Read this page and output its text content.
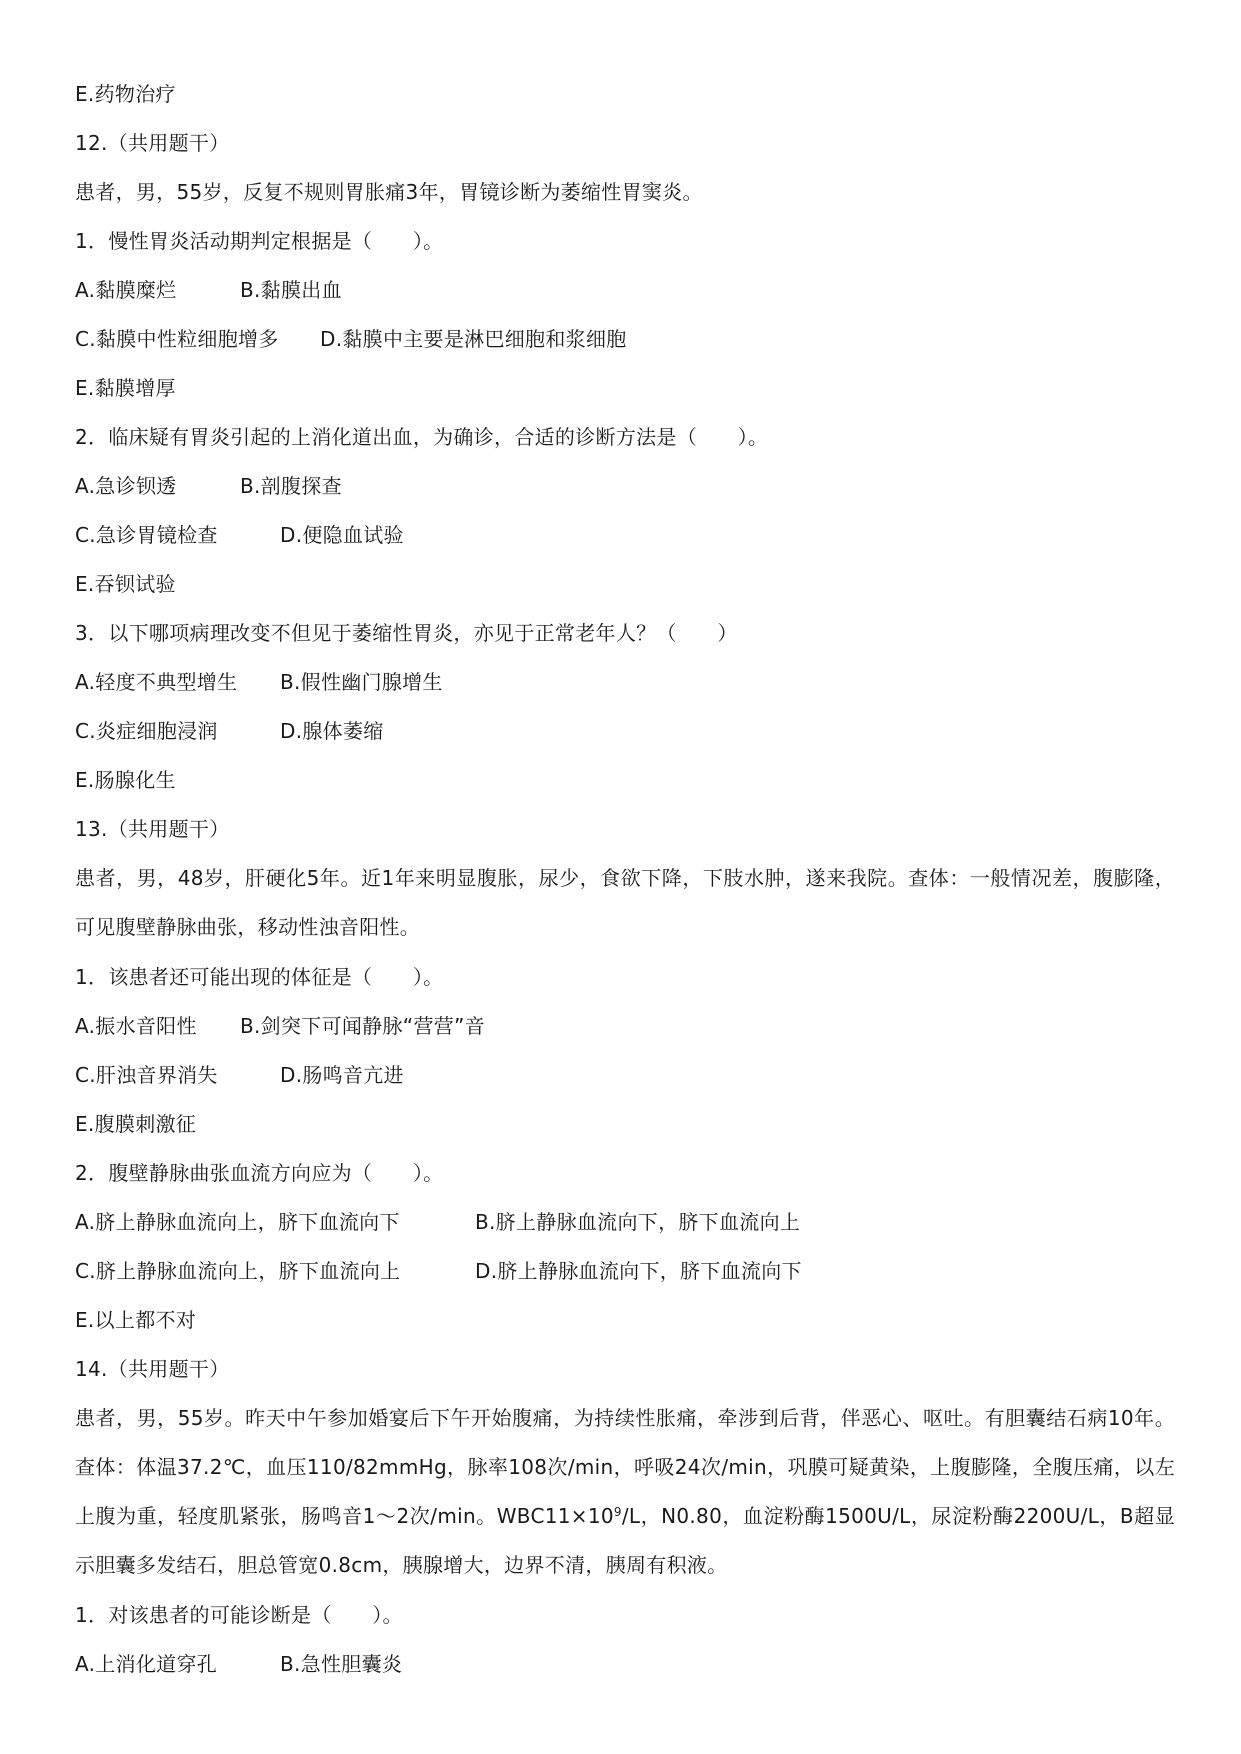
E.药物治疗
12.（共用题干）
患者，男，55岁，反复不规则胃胀痛3年，胃镜诊断为萎缩性胃窦炎。
1．慢性胃炎活动期判定根据是（　　）。
A.黏膜糜烂	B.黏膜出血
C.黏膜中性粒细胞增多	D.黏膜中主要是淋巴细胞和浆细胞
E.黏膜增厚
2．临床疑有胃炎引起的上消化道出血，为确诊，合适的诊断方法是（　　）。
A.急诊钡透	B.剖腹探查
C.急诊胃镜检查	D.便隐血试验
E.吞钡试验
3．以下哪项病理改变不但见于萎缩性胃炎，亦见于正常老年人？（　　）
A.轻度不典型增生	B.假性幽门腺增生
C.炎症细胞浸润	D.腺体萎缩
E.肠腺化生
13.（共用题干）
患者，男，48岁，肝硬化5年。近1年来明显腹胀，尿少，食欲下降，下肢水肿，遂来我院。查体：一般情况差，腹膨隆，可见腹壁静脉曲张，移动性浊音阳性。
1．该患者还可能出现的体征是（　　）。
A.振水音阳性	B.剑突下可闻静脉“营营”音
C.肝浊音界消失	D.肠鸣音亢进
E.腹膜刺激征
2．腹壁静脉曲张血流方向应为（　　）。
A.脐上静脉血流向上，脐下血流向下	B.脐上静脉血流向下，脐下血流向上
C.脐上静脉血流向上，脐下血流向上	D.脐上静脉血流向下，脐下血流向下
E.以上都不对
14.（共用题干）
患者，男，55岁。昨天中午参加婚宴后下午开始腹痛，为持续性胀痛，牵涉到后背，伴恶心、呕吐。有胆囊结石病10年。查体：体温37.2℃，血压110/82mmHg，脉率108次/min，呼吸24次/min，巩膜可疑黄染，上腹膨隆，全腹压痛，以左上腹为重，轻度肌紧张，肠鸣音1～2次/min。$WBC11\times 10^9/L$，N0.80，血淀粉酶1500U/L，尿淀粉酶2200U/L，B超显示胆囊多发结石，胆总管宽0.8cm，胰腺增大，边界不清，胰周有积液。
1．对该患者的可能诊断是（　　）。
A.上消化道穿孔	B.急性胆囊炎
